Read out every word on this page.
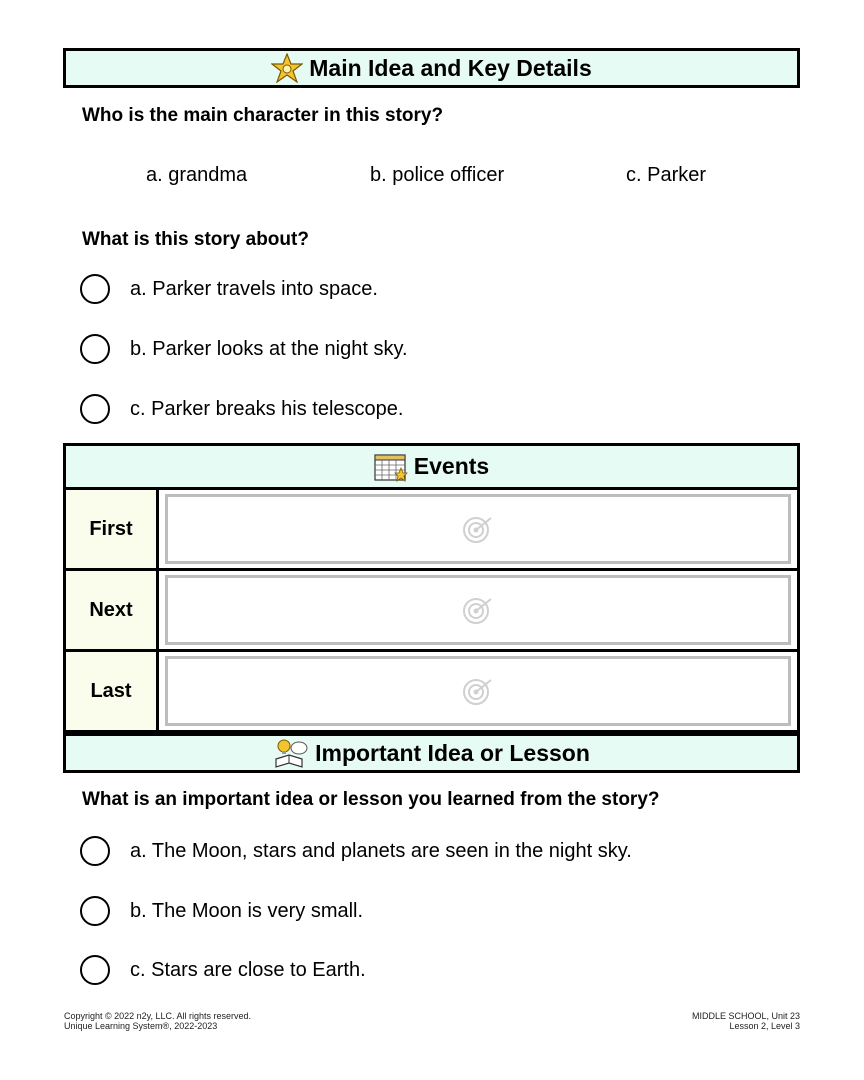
Main Idea and Key Details
Who is the main character in this story?
a. grandma	b. police officer	c. Parker
What is this story about?
a. Parker travels into space.
b. Parker looks at the night sky.
c. Parker breaks his telescope.
Events
First
Next
Last
Important Idea or Lesson
What is an important idea or lesson you learned from the story?
a. The Moon, stars and planets are seen in the night sky.
b. The Moon is very small.
c. Stars are close to Earth.
Copyright © 2022 n2y, LLC. All rights reserved.
Unique Learning System®, 2022-2023
MIDDLE SCHOOL, Unit 23
Lesson 2, Level 3
